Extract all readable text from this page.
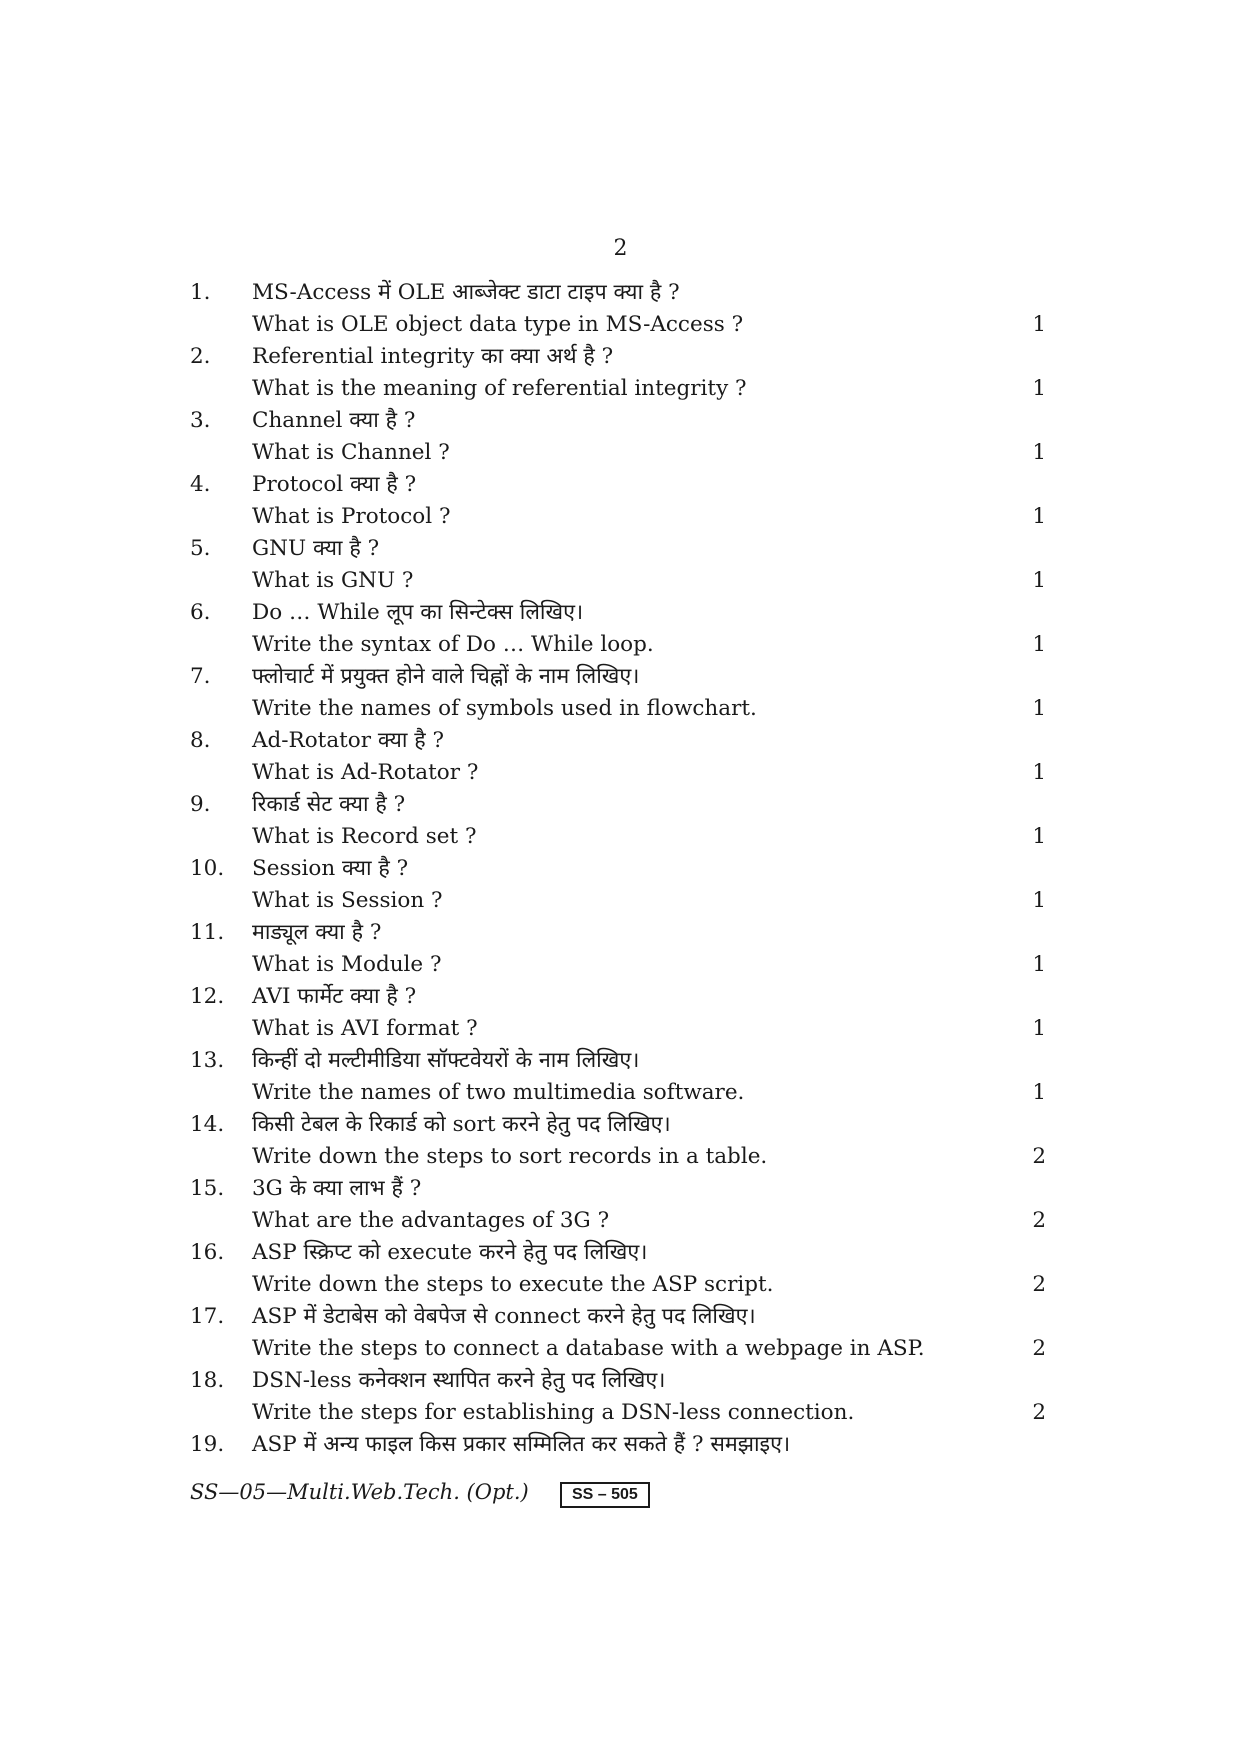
2
1.	MS-Access में OLE आब्जेक्ट डाटा टाइप क्या है ?
What is OLE object data type in MS-Access ?	1
2.	Referential integrity का क्या अर्थ है ?
What is the meaning of referential integrity ?	1
3.	Channel क्या है ?
What is Channel ?	1
4.	Protocol क्या है ?
What is Protocol ?	1
5.	GNU क्या है ?
What is GNU ?	1
6.	Do … While लूप का सिन्टेक्स लिखिए।
Write the syntax of Do … While loop.	1
7.	फ्लोचार्ट में प्रयुक्त होने वाले चिह्नों के नाम लिखिए।
Write the names of symbols used in flowchart.	1
8.	Ad-Rotator क्या है ?
What is Ad-Rotator ?	1
9.	रिकार्ड सेट क्या है ?
What is Record set ?	1
10.	Session क्या है ?
What is Session ?	1
11.	माड्यूल क्या है ?
What is Module ?	1
12.	AVI फार्मेट क्या है ?
What is AVI format ?	1
13.	किन्हीं दो मल्टीमीडिया सॉफ्टवेयरों के नाम लिखिए।
Write the names of two multimedia software.	1
14.	किसी टेबल के रिकार्ड को sort करने हेतु पद लिखिए।
Write down the steps to sort records in a table.	2
15.	3G के क्या लाभ हैं ?
What are the advantages of 3G ?	2
16.	ASP स्क्रिप्ट को execute करने हेतु पद लिखिए।
Write down the steps to execute the ASP script.	2
17.	ASP में डेटाबेस को वेबपेज से connect करने हेतु पद लिखिए।
Write the steps to connect a database with a webpage in ASP.	2
18.	DSN-less कनेक्शन स्थापित करने हेतु पद लिखिए।
Write the steps for establishing a DSN-less connection.	2
19.	ASP में अन्य फाइल किस प्रकार सम्मिलित कर सकते हैं ? समझाइए।
SS—05—Multi.Web.Tech. (Opt.)	SS – 505
